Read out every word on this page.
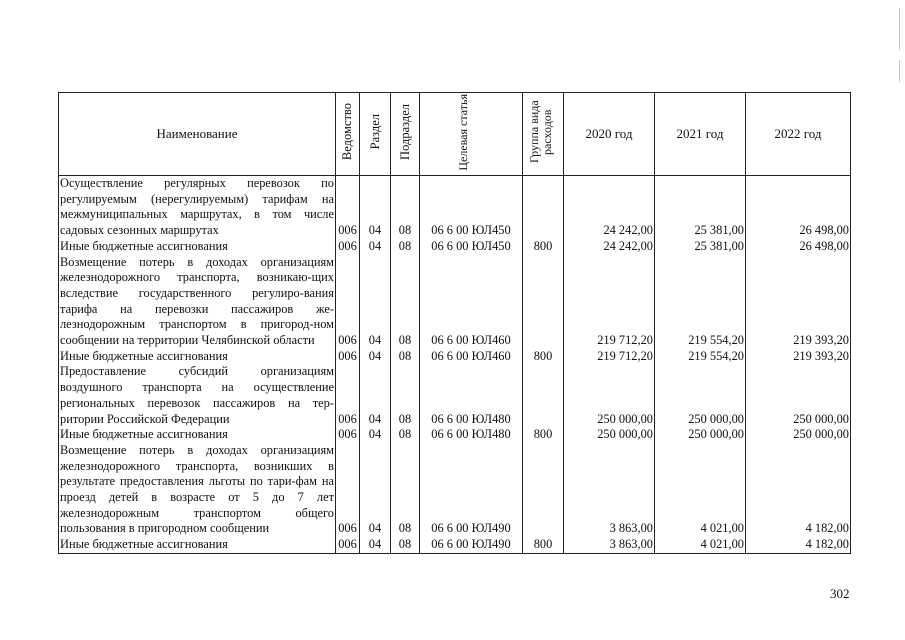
Наименование	Ведомство	Раздел	Подраздел	Целевая статья	Группа вида расходов	2020 год	2021 год	2022 год
Осуществление регулярных перевозок по регулируемым (нерегулируемым) тарифам на межмуниципальных маршрутах, в том числе садовых сезонных маршрутах	006	04	08	06 6 00 ЮЛ450		24 242,00	25 381,00	26 498,00
Иные бюджетные ассигнования	006	04	08	06 6 00 ЮЛ450	800	24 242,00	25 381,00	26 498,00
Возмещение потерь в доходах организациям железнодорожного транспорта, возникаю-щих вследствие государственного регулиро-вания тарифа на перевозки пассажиров же-лезнодорожным транспортом в пригород-ном сообщении на территории Челябинской области	006	04	08	06 6 00 ЮЛ460		219 712,20	219 554,20	219 393,20
Иные бюджетные ассигнования	006	04	08	06 6 00 ЮЛ460	800	219 712,20	219 554,20	219 393,20
Предоставление субсидий организациям воздушного транспорта на осуществление региональных перевозок пассажиров на тер-ритории Российской Федерации	006	04	08	06 6 00 ЮЛ480		250 000,00	250 000,00	250 000,00
Иные бюджетные ассигнования	006	04	08	06 6 00 ЮЛ480	800	250 000,00	250 000,00	250 000,00
Возмещение потерь в доходах организациям железнодорожного транспорта, возникших в результате предоставления льготы по тари-фам на проезд детей в возрасте от 5 до 7 лет железнодорожным транспортом общего пользования в пригородном сообщении	006	04	08	06 6 00 ЮЛ490		3 863,00	4 021,00	4 182,00
Иные бюджетные ассигнования	006	04	08	06 6 00 ЮЛ490	800	3 863,00	4 021,00	4 182,00
302
